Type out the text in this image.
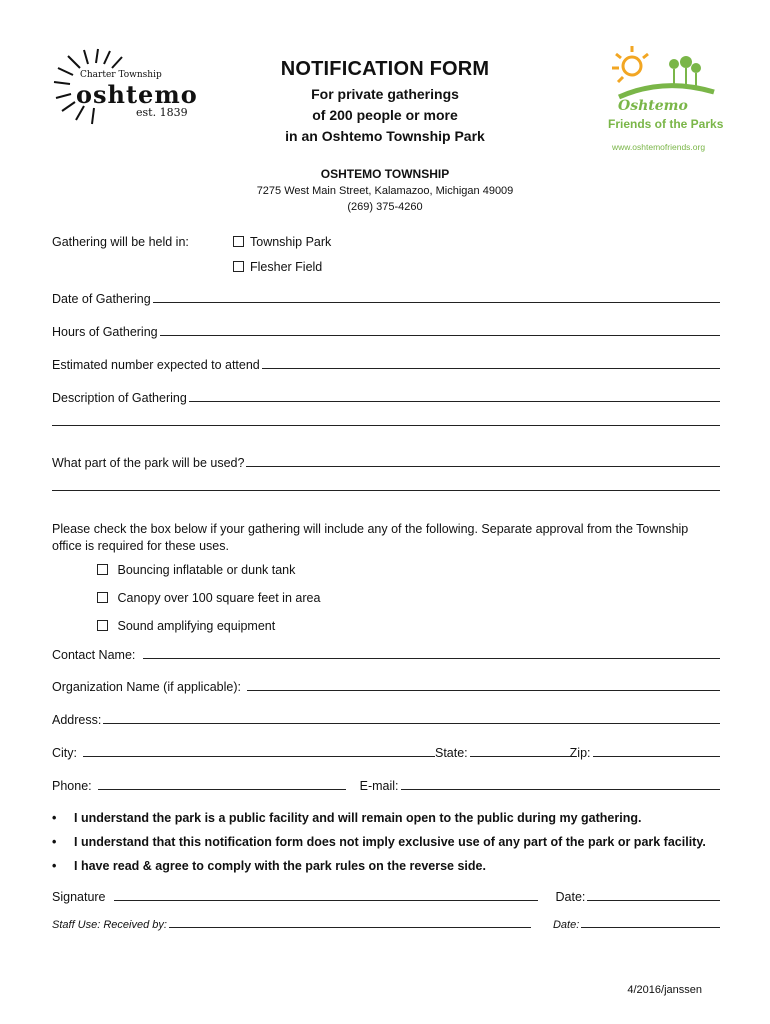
Charter Township
oshtemo
est. 1839	Oshtemo
Friends of the Parks
www.oshtemofriends.org
NOTIFICATION FORM
For private gatherings
of 200 people or more
in an Oshtemo Township Park
OSHTEMO TOWNSHIP
7275 West Main Street, Kalamazoo, Michigan 49009
(269) 375-4260
Gathering will be held in:	Township Park
Flesher Field
Date of Gathering
Hours of Gathering
Estimated number expected to attend
Description of Gathering
What part of the park will be used?
Please check the box below if your gathering will include any of the following. Separate approval from the Township office is required for these uses.
Bouncing inflatable or dunk tank
Canopy over 100 square feet in area
Sound amplifying equipment
Contact Name:
Organization Name (if applicable):
Address:
City:	State:	Zip:
Phone:	E-mail:
• I understand the park is a public facility and will remain open to the public during my gathering.
• I understand that this notification form does not imply exclusive use of any part of the park or park facility.
• I have read & agree to comply with the park rules on the reverse side.
Signature	Date:
Staff Use: Received by:	Date:
4/2016/janssen
